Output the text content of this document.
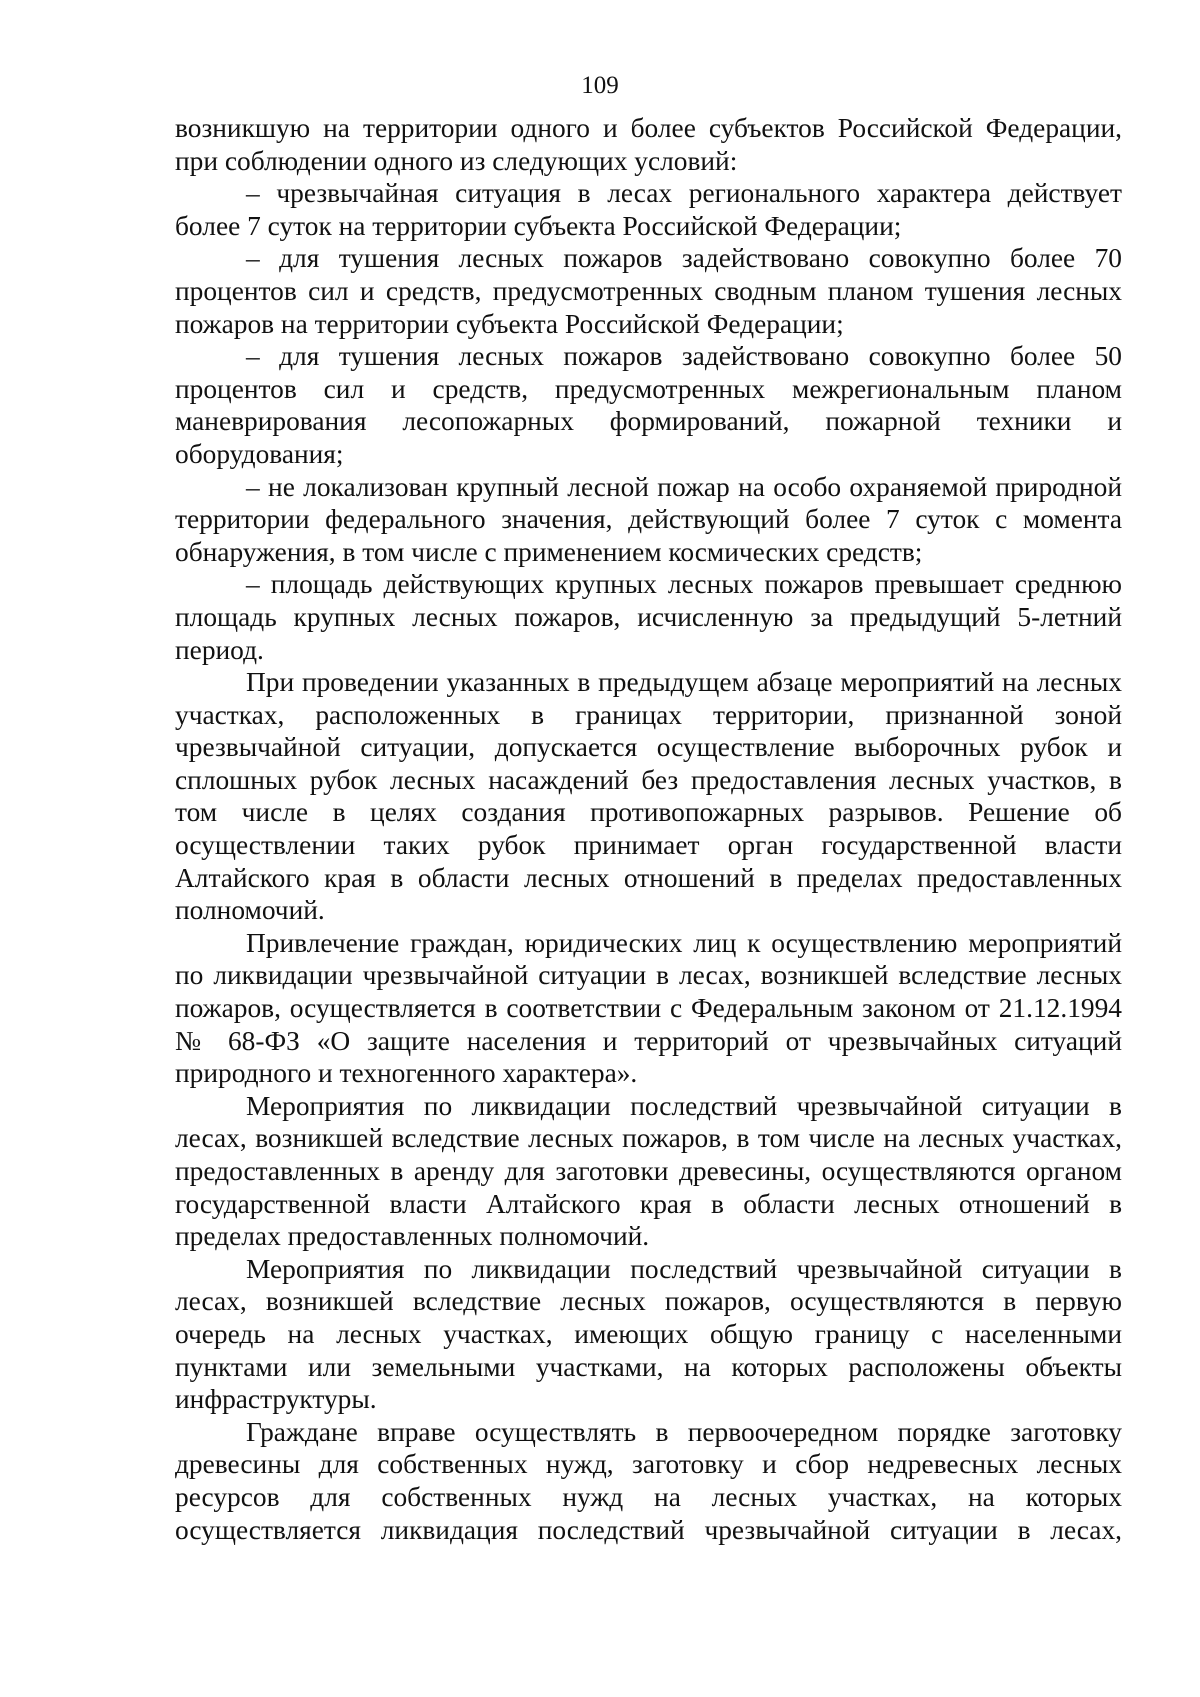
109

возникшую на территории одного и более субъектов Российской Федерации, при соблюдении одного из следующих условий:

– чрезвычайная ситуация в лесах регионального характера действует более 7 суток на территории субъекта Российской Федерации;

– для тушения лесных пожаров задействовано совокупно более 70 процентов сил и средств, предусмотренных сводным планом тушения лесных пожаров на территории субъекта Российской Федерации;

– для тушения лесных пожаров задействовано совокупно более 50 процентов сил и средств, предусмотренных межрегиональным планом маневрирования лесопожарных формирований, пожарной техники и оборудования;

– не локализован крупный лесной пожар на особо охраняемой природной территории федерального значения, действующий более 7 суток с момента обнаружения, в том числе с применением космических средств;

– площадь действующих крупных лесных пожаров превышает среднюю площадь крупных лесных пожаров, исчисленную за предыдущий 5-летний период.

При проведении указанных в предыдущем абзаце мероприятий на лесных участках, расположенных в границах территории, признанной зоной чрезвычайной ситуации, допускается осуществление выборочных рубок и сплошных рубок лесных насаждений без предоставления лесных участков, в том числе в целях создания противопожарных разрывов. Решение об осуществлении таких рубок принимает орган государственной власти Алтайского края в области лесных отношений в пределах предоставленных полномочий.

Привлечение граждан, юридических лиц к осуществлению мероприятий по ликвидации чрезвычайной ситуации в лесах, возникшей вследствие лесных пожаров, осуществляется в соответствии с Федеральным законом от 21.12.1994 № 68-ФЗ «О защите населения и территорий от чрезвычайных ситуаций природного и техногенного характера».

Мероприятия по ликвидации последствий чрезвычайной ситуации в лесах, возникшей вследствие лесных пожаров, в том числе на лесных участках, предоставленных в аренду для заготовки древесины, осуществляются органом государственной власти Алтайского края в области лесных отношений в пределах предоставленных полномочий.

Мероприятия по ликвидации последствий чрезвычайной ситуации в лесах, возникшей вследствие лесных пожаров, осуществляются в первую очередь на лесных участках, имеющих общую границу с населенными пунктами или земельными участками, на которых расположены объекты инфраструктуры.

Граждане вправе осуществлять в первоочередном порядке заготовку древесины для собственных нужд, заготовку и сбор недревесных лесных ресурсов для собственных нужд на лесных участках, на которых осуществляется ликвидация последствий чрезвычайной ситуации в лесах,
